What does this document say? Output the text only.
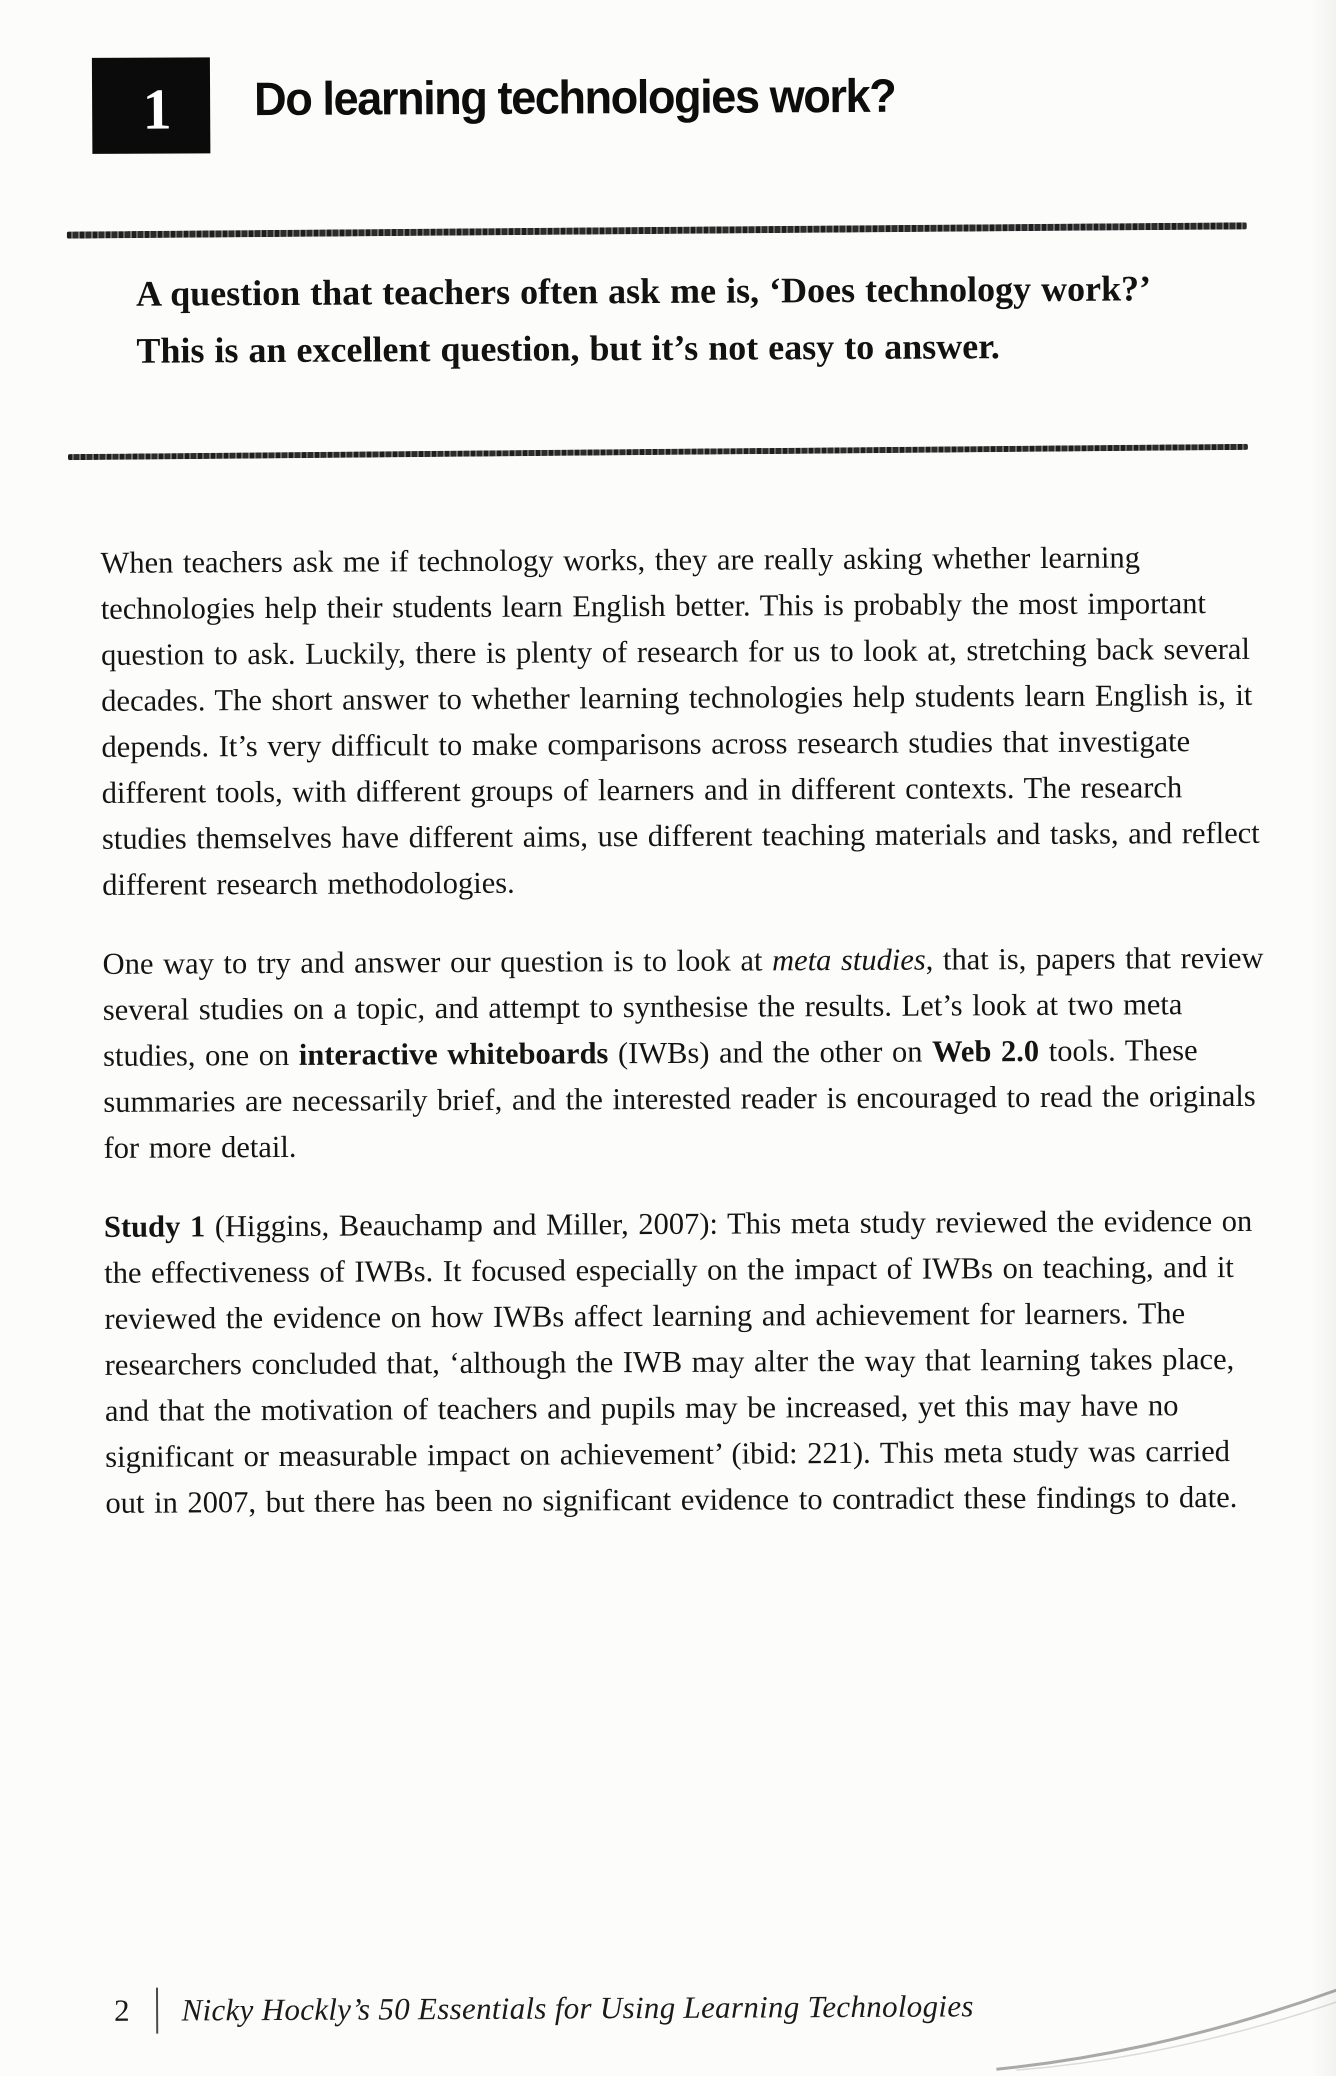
1 Do learning technologies work?
A question that teachers often ask me is, ‘Does technology work?’ This is an excellent question, but it’s not easy to answer.

When teachers ask me if technology works, they are really asking whether learning technologies help their students learn English better. This is probably the most important question to ask. Luckily, there is plenty of research for us to look at, stretching back several decades. The short answer to whether learning technologies help students learn English is, it depends. It’s very difficult to make comparisons across research studies that investigate different tools, with different groups of learners and in different contexts. The research studies themselves have different aims, use different teaching materials and tasks, and reflect different research methodologies.

One way to try and answer our question is to look at meta studies, that is, papers that review several studies on a topic, and attempt to synthesise the results. Let’s look at two meta studies, one on interactive whiteboards (IWBs) and the other on Web 2.0 tools. These summaries are necessarily brief, and the interested reader is encouraged to read the originals for more detail.

Study 1 (Higgins, Beauchamp and Miller, 2007): This meta study reviewed the evidence on the effectiveness of IWBs. It focused especially on the impact of IWBs on teaching, and it reviewed the evidence on how IWBs affect learning and achievement for learners. The researchers concluded that, ‘although the IWB may alter the way that learning takes place, and that the motivation of teachers and pupils may be increased, yet this may have no significant or measurable impact on achievement’ (ibid: 221). This meta study was carried out in 2007, but there has been no significant evidence to contradict these findings to date.

2 Nicky Hockly’s 50 Essentials for Using Learning Technologies
